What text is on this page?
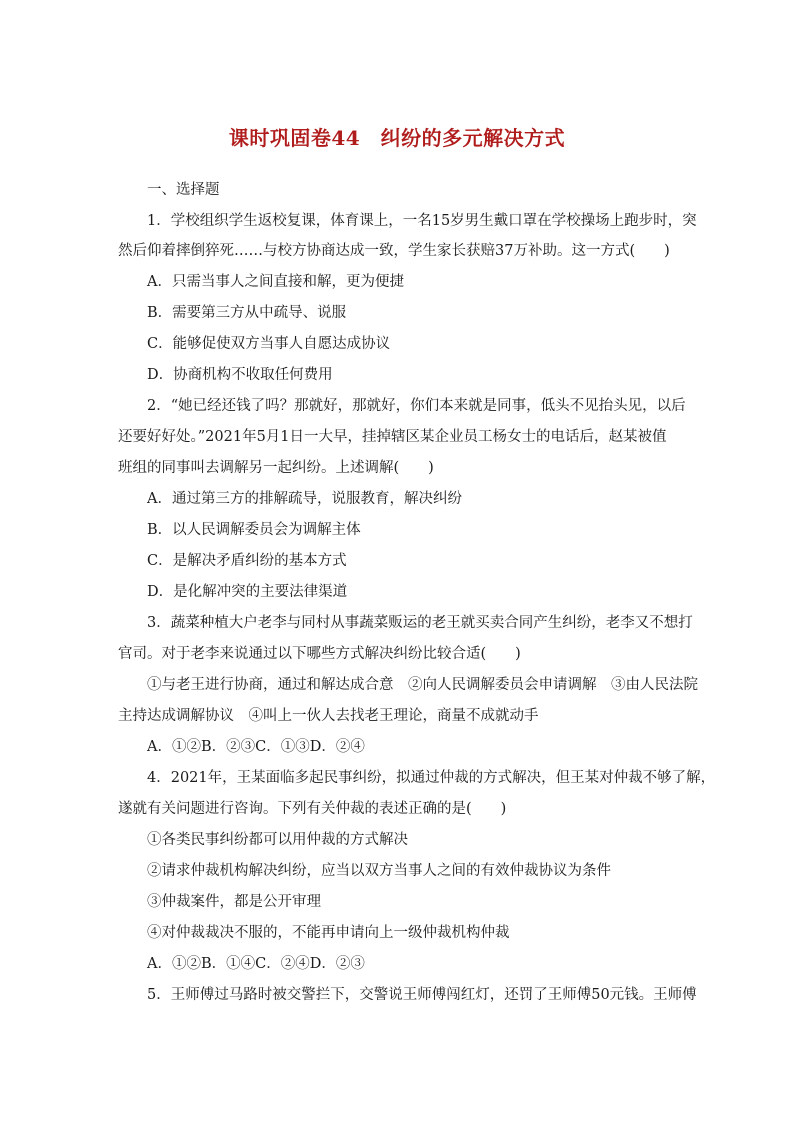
课时巩固卷44　纠纷的多元解决方式
一、选择题
1．学校组织学生返校复课，体育课上，一名15岁男生戴口罩在学校操场上跑步时，突
然后仰着摔倒猝死……与校方协商达成一致，学生家长获赔37万补助。这一方式(　　)
A．只需当事人之间直接和解，更为便捷
B．需要第三方从中疏导、说服
C．能够促使双方当事人自愿达成协议
D．协商机构不收取任何费用
2．“她已经还钱了吗？那就好，那就好，你们本来就是同事，低头不见抬头见，以后
还要好好处。”2021年5月1日一大早，挂掉辖区某企业员工杨女士的电话后，赵某被值
班组的同事叫去调解另一起纠纷。上述调解(　　)
A．通过第三方的排解疏导，说服教育，解决纠纷
B．以人民调解委员会为调解主体
C．是解决矛盾纠纷的基本方式
D．是化解冲突的主要法律渠道
3．蔬菜种植大户老李与同村从事蔬菜贩运的老王就买卖合同产生纠纷，老李又不想打
官司。对于老李来说通过以下哪些方式解决纠纷比较合适(　　)
①与老王进行协商，通过和解达成合意　②向人民调解委员会申请调解　③由人民法院
主持达成调解协议　④叫上一伙人去找老王理论，商量不成就动手
A．①②B．②③C．①③D．②④
4．2021年，王某面临多起民事纠纷，拟通过仲裁的方式解决，但王某对仲裁不够了解，
遂就有关问题进行咨询。下列有关仲裁的表述正确的是(　　)
①各类民事纠纷都可以用仲裁的方式解决
②请求仲裁机构解决纠纷，应当以双方当事人之间的有效仲裁协议为条件
③仲裁案件，都是公开审理
④对仲裁裁决不服的，不能再申请向上一级仲裁机构仲裁
A．①②B．①④C．②④D．②③
5．王师傅过马路时被交警拦下，交警说王师傅闯红灯，还罚了王师傅50元钱。王师傅
